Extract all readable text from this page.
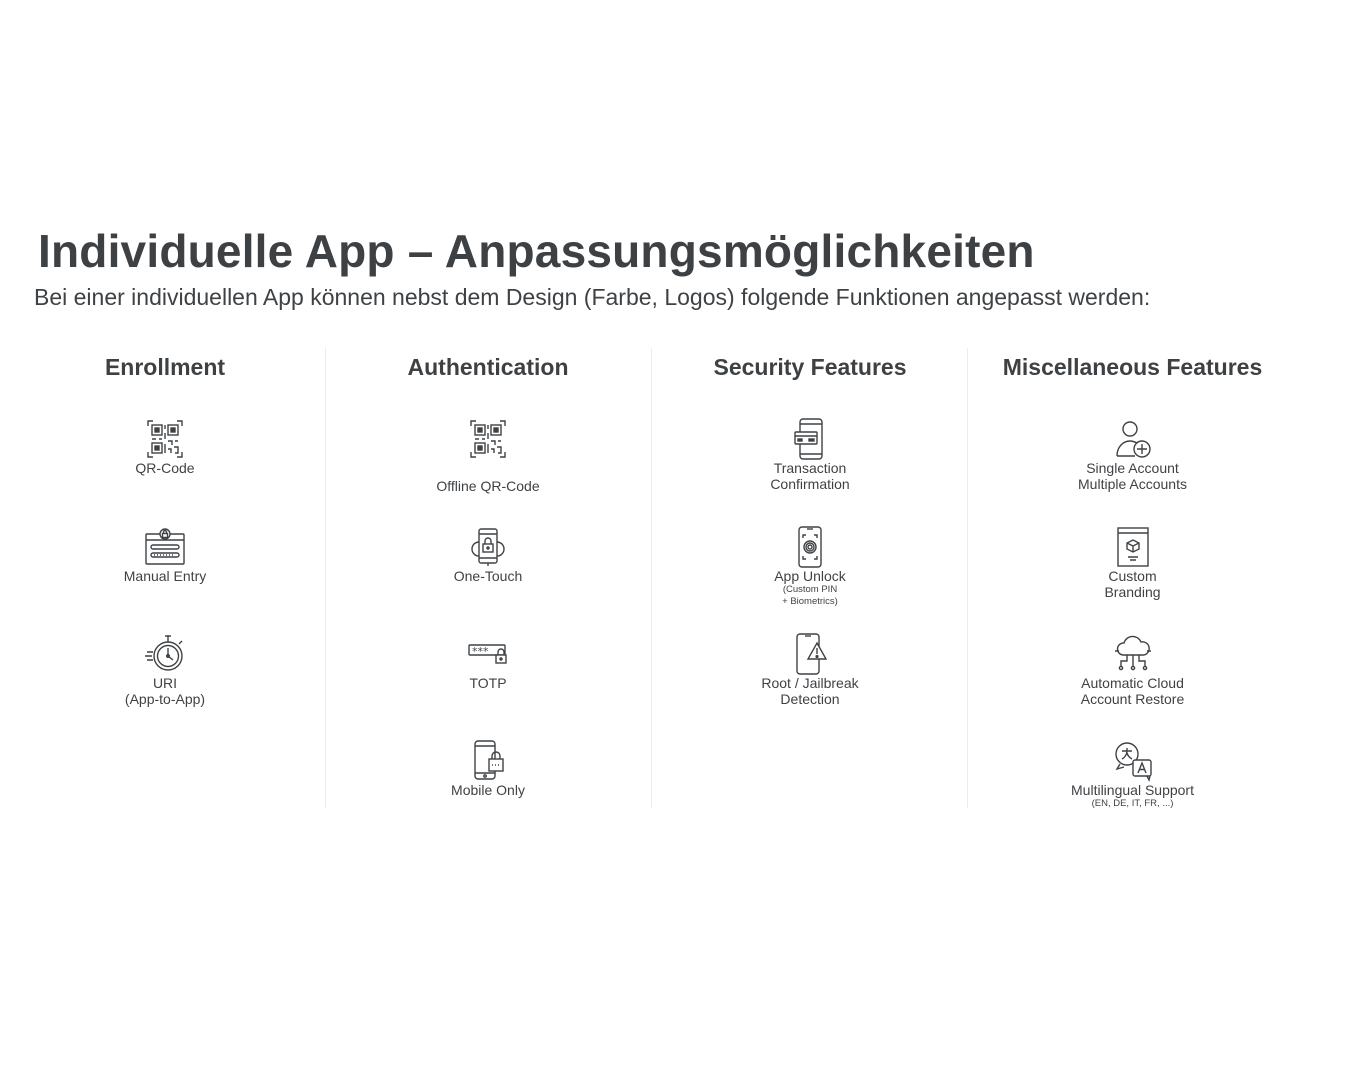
Individuelle App – Anpassungsmöglichkeiten

Bei einer individuellen App können nebst dem Design (Farbe, Logos) folgende Funktionen angepasst werden:

Enrollment
QR-Code
Manual Entry
URI
(App-to-App)
Authentication
Offline QR-Code
One-Touch
***
TOTP
Mobile Only
Security Features
Transaction
Confirmation
App Unlock
(Custom PIN
+ Biometrics)
Root / Jailbreak
Detection
Miscellaneous Features
Single Account
Multiple Accounts
Custom
Branding
Automatic Cloud
Account Restore
Multilingual Support
(EN, DE, IT, FR, ...)
